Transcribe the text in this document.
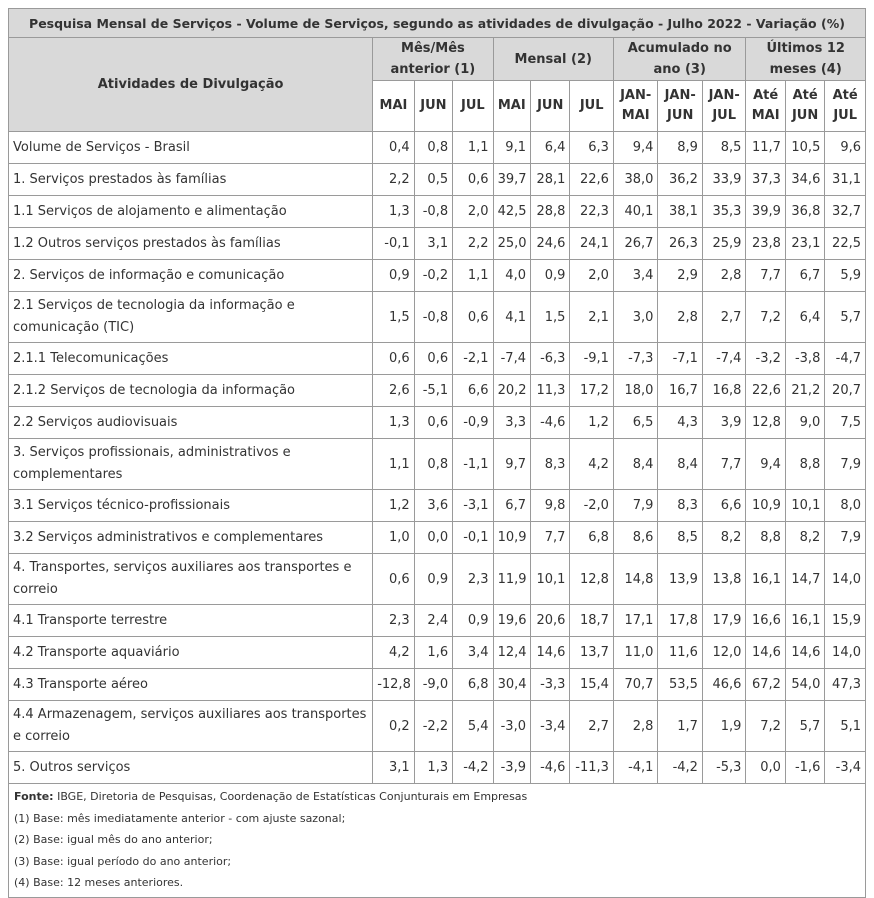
Pesquisa Mensal de Serviços - Volume de Serviços, segundo as atividades de divulgação - Julho 2022 - Variação (%)												
Atividades de Divulgação	Mês/Mês anterior (1)			Mensal (2)			Acumulado no ano (3)			Últimos 12 meses (4)		
	MAI	JUN	JUL	MAI	JUN	JUL	JAN-MAI	JAN-JUN	JAN-JUL	Até MAI	Até JUN	Até JUL
Volume de Serviços - Brasil	0,4	0,8	1,1	9,1	6,4	6,3	9,4	8,9	8,5	11,7	10,5	9,6
1. Serviços prestados às famílias	2,2	0,5	0,6	39,7	28,1	22,6	38,0	36,2	33,9	37,3	34,6	31,1
1.1 Serviços de alojamento e alimentação	1,3	-0,8	2,0	42,5	28,8	22,3	40,1	38,1	35,3	39,9	36,8	32,7
1.2 Outros serviços prestados às famílias	-0,1	3,1	2,2	25,0	24,6	24,1	26,7	26,3	25,9	23,8	23,1	22,5
2. Serviços de informação e comunicação	0,9	-0,2	1,1	4,0	0,9	2,0	3,4	2,9	2,8	7,7	6,7	5,9
2.1 Serviços de tecnologia da informação e comunicação (TIC)	1,5	-0,8	0,6	4,1	1,5	2,1	3,0	2,8	2,7	7,2	6,4	5,7
2.1.1 Telecomunicações	0,6	0,6	-2,1	-7,4	-6,3	-9,1	-7,3	-7,1	-7,4	-3,2	-3,8	-4,7
2.1.2 Serviços de tecnologia da informação	2,6	-5,1	6,6	20,2	11,3	17,2	18,0	16,7	16,8	22,6	21,2	20,7
2.2 Serviços audiovisuais	1,3	0,6	-0,9	3,3	-4,6	1,2	6,5	4,3	3,9	12,8	9,0	7,5
3. Serviços profissionais, administrativos e complementares	1,1	0,8	-1,1	9,7	8,3	4,2	8,4	8,4	7,7	9,4	8,8	7,9
3.1 Serviços técnico-profissionais	1,2	3,6	-3,1	6,7	9,8	-2,0	7,9	8,3	6,6	10,9	10,1	8,0
3.2 Serviços administrativos e complementares	1,0	0,0	-0,1	10,9	7,7	6,8	8,6	8,5	8,2	8,8	8,2	7,9
4. Transportes, serviços auxiliares aos transportes e correio	0,6	0,9	2,3	11,9	10,1	12,8	14,8	13,9	13,8	16,1	14,7	14,0
4.1 Transporte terrestre	2,3	2,4	0,9	19,6	20,6	18,7	17,1	17,8	17,9	16,6	16,1	15,9
4.2 Transporte aquaviário	4,2	1,6	3,4	12,4	14,6	13,7	11,0	11,6	12,0	14,6	14,6	14,0
4.3 Transporte aéreo	-12,8	-9,0	6,8	30,4	-3,3	15,4	70,7	53,5	46,6	67,2	54,0	47,3
4.4 Armazenagem, serviços auxiliares aos transportes e correio	0,2	-2,2	5,4	-3,0	-3,4	2,7	2,8	1,7	1,9	7,2	5,7	5,1
5. Outros serviços	3,1	1,3	-4,2	-3,9	-4,6	-11,3	-4,1	-4,2	-5,3	0,0	-1,6	-3,4
Fonte: IBGE, Diretoria de Pesquisas, Coordenação de Estatísticas Conjunturais em Empresas
(1) Base: mês imediatamente anterior - com ajuste sazonal;
(2) Base: igual mês do ano anterior;
(3) Base: igual período do ano anterior;
(4) Base: 12 meses anteriores.
